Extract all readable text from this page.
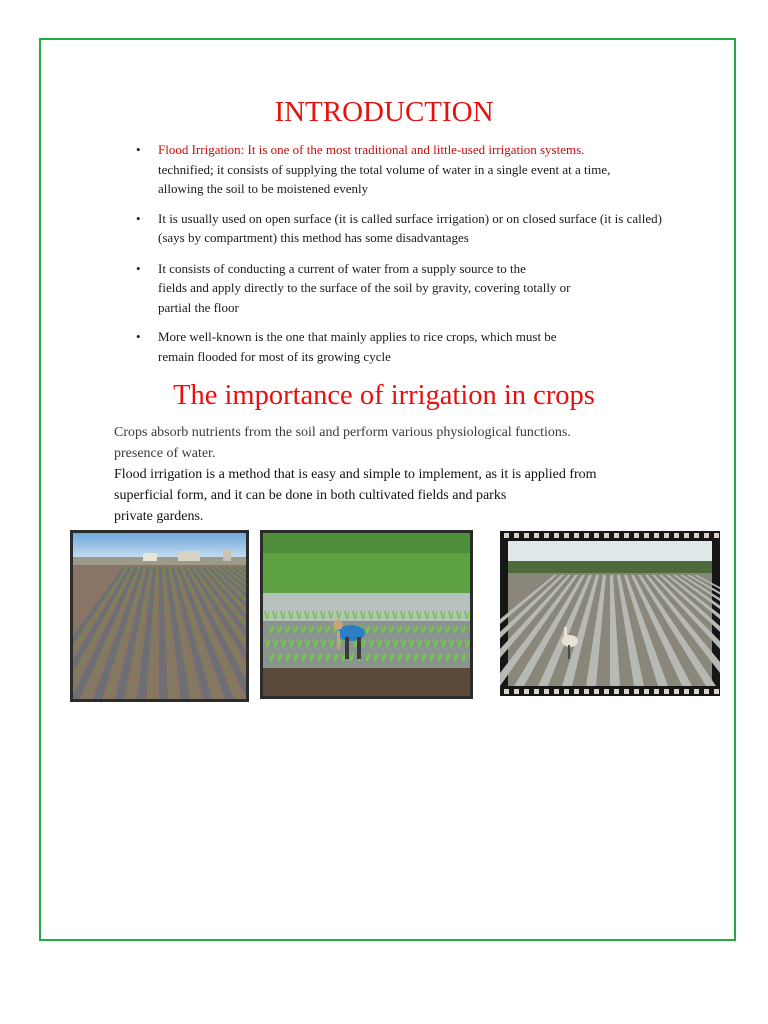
INTRODUCTION
• Flood Irrigation: It is one of the most traditional and little-used irrigation systems.
technified; it consists of supplying the total volume of water in a single event at a time,
allowing the soil to be moistened evenly
• It is usually used on open surface (it is called surface irrigation) or on closed surface (it is called)
(says by compartment) this method has some disadvantages
• It consists of conducting a current of water from a supply source to the
fields and apply directly to the surface of the soil by gravity, covering totally or
partial the floor
• More well-known is the one that mainly applies to rice crops, which must be
remain flooded for most of its growing cycle
The importance of irrigation in crops

Crops absorb nutrients from the soil and perform various physiological functions.
presence of water.

Flood irrigation is a method that is easy and simple to implement, as it is applied from
superficial form, and it can be done in both cultivated fields and parks
private gardens.
